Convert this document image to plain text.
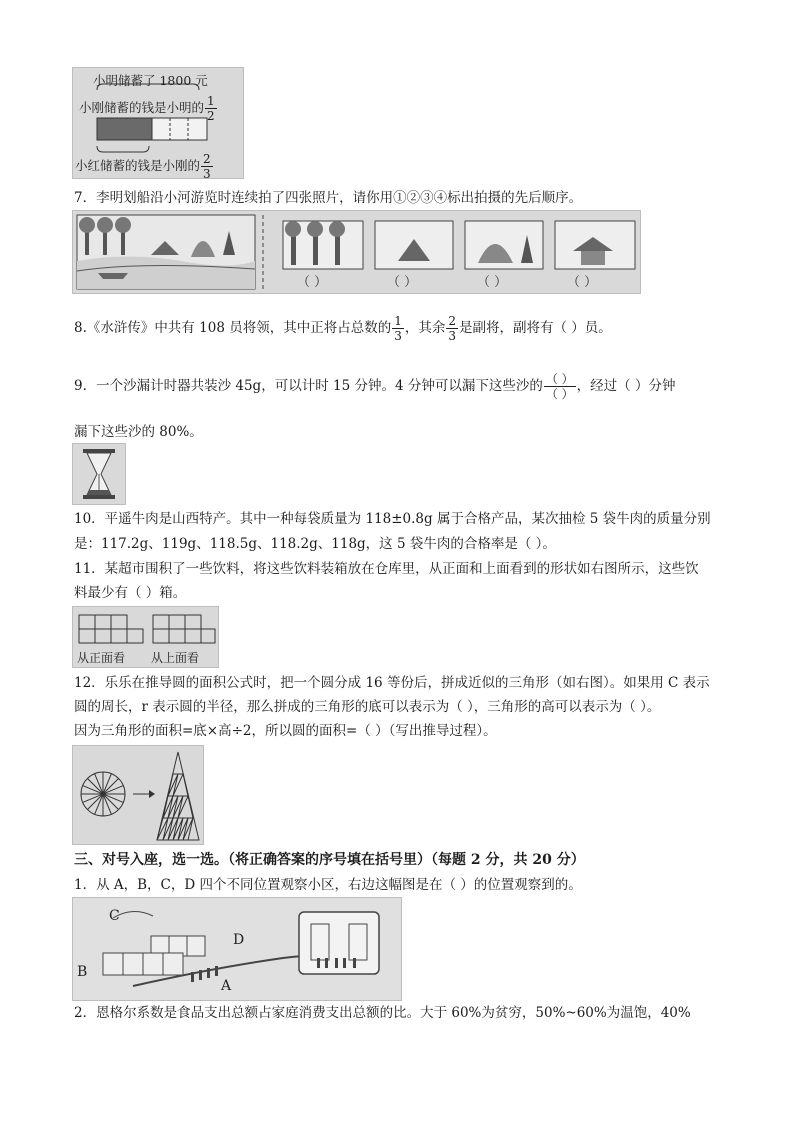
小明储蓄了 1800 元
小刚储蓄的钱是小明的 $\frac{1}{2}$
小红储蓄的钱是小刚的 $\frac{2}{3}$
7．李明划船沿小河游览时连续拍了四张照片，请你用①②③④标出拍摄的先后顺序。
（ ）	（ ）	（ ）	（ ）
8.《水浒传》中共有 108 员将领，其中正将占总数的 $\frac{1}{3}$ ，其余 $\frac{2}{3}$ 是副将，副将有（ ）员。
9．一个沙漏计时器共装沙 45g，可以计时 15 分钟。4 分钟可以漏下这些沙的 $\frac{( )}{( )}$ ，经过（ ）分钟
漏下这些沙的 80%。
10．平遥牛肉是山西特产。其中一种每袋质量为 118±0.8g 属于合格产品，某次抽检 5 袋牛肉的质量分别
是：117.2g、119g、118.5g、118.2g、118g，这 5 袋牛肉的合格率是（ ）。
11．某超市围积了一些饮料，将这些饮料装箱放在仓库里，从正面和上面看到的形状如右图所示，这些饮
料最少有（ ）箱。
从正面看 从上面看
12．乐乐在推导圆的面积公式时，把一个圆分成 16 等份后，拼成近似的三角形（如右图）。如果用 C 表示
圆的周长，r 表示圆的半径，那么拼成的三角形的底可以表示为（ ），三角形的高可以表示为（ ）。
因为三角形的面积=底×高÷2，所以圆的面积=（ ）（写出推导过程）。
三、对号入座，选一选。（将正确答案的序号填在括号里）（每题 2 分，共 20 分）
1．从 A，B，C，D 四个不同位置观察小区，右边这幅图是在（ ）的位置观察到的。
C
D
B
A
2．恩格尔系数是食品支出总额占家庭消费支出总额的比。大于 60%为贫穷，50%~60%为温饱，40%
